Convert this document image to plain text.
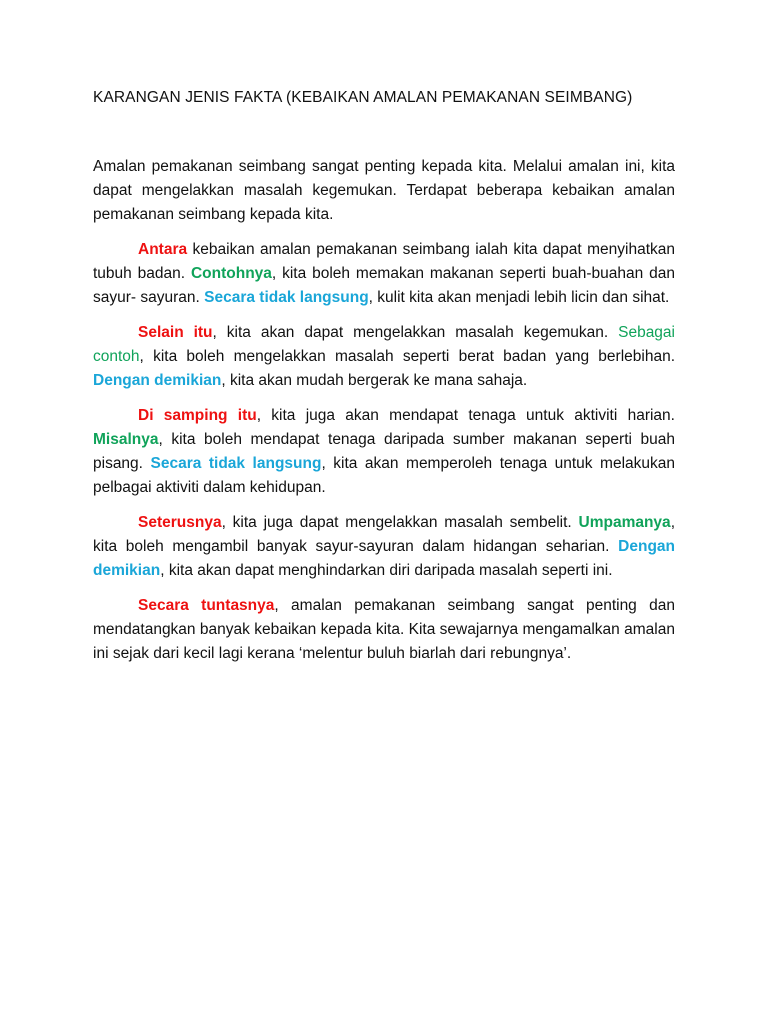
KARANGAN JENIS FAKTA (KEBAIKAN AMALAN PEMAKANAN SEIMBANG)

Amalan pemakanan seimbang sangat penting kepada kita. Melalui amalan ini, kita dapat mengelakkan masalah kegemukan. Terdapat beberapa kebaikan amalan pemakanan seimbang kepada kita.

Antara kebaikan amalan pemakanan seimbang ialah kita dapat menyihatkan tubuh badan. Contohnya, kita boleh memakan makanan seperti buah-buahan dan sayur- sayuran. Secara tidak langsung, kulit kita akan menjadi lebih licin dan sihat.

Selain itu, kita akan dapat mengelakkan masalah kegemukan. Sebagai contoh, kita boleh mengelakkan masalah seperti berat badan yang berlebihan. Dengan demikian, kita akan mudah bergerak ke mana sahaja.

Di samping itu, kita juga akan mendapat tenaga untuk aktiviti harian. Misalnya, kita boleh mendapat tenaga daripada sumber makanan seperti buah pisang. Secara tidak langsung, kita akan memperoleh tenaga untuk melakukan pelbagai aktiviti dalam kehidupan.

Seterusnya, kita juga dapat mengelakkan masalah sembelit. Umpamanya, kita boleh mengambil banyak sayur-sayuran dalam hidangan seharian. Dengan demikian, kita akan dapat menghindarkan diri daripada masalah seperti ini.

Secara tuntasnya, amalan pemakanan seimbang sangat penting dan mendatangkan banyak kebaikan kepada kita. Kita sewajarnya mengamalkan amalan ini sejak dari kecil lagi kerana ‘melentur buluh biarlah dari rebungnya’.
